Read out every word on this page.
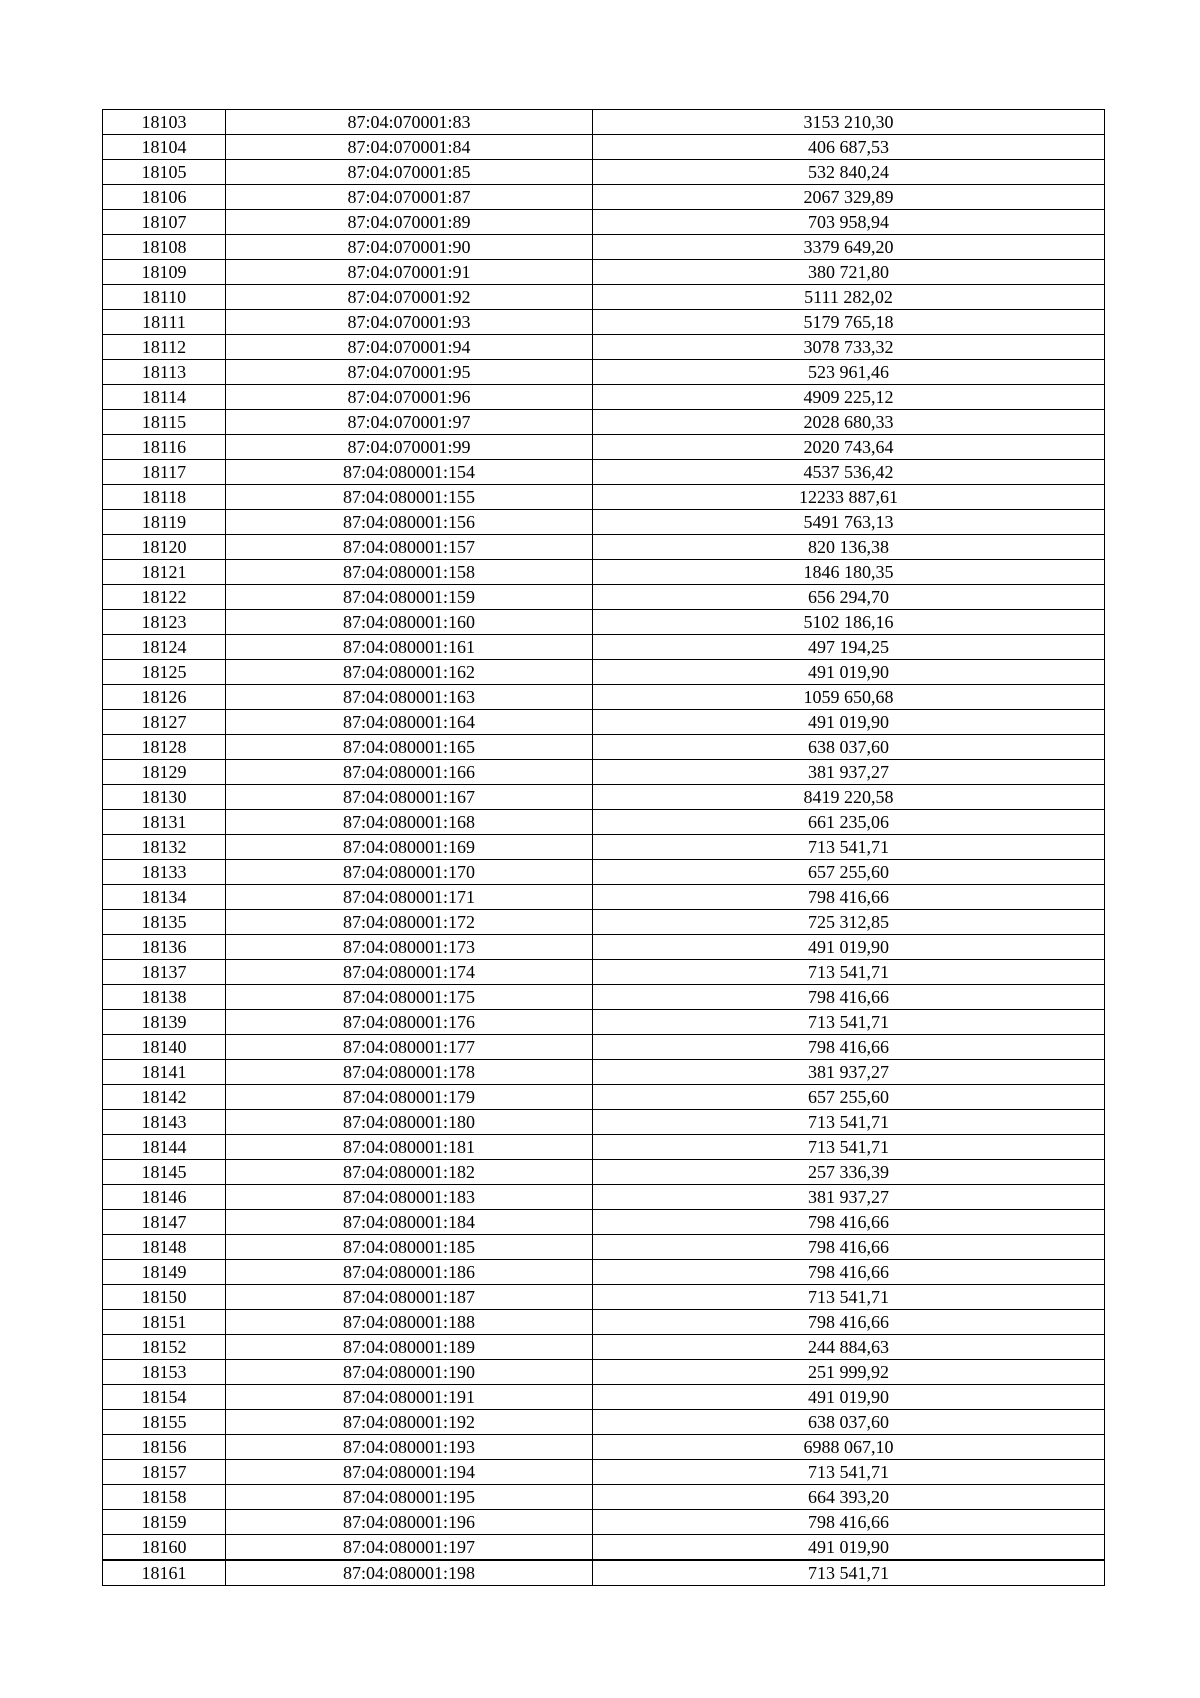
18103	87:04:070001:83	3153 210,30
18104	87:04:070001:84	406 687,53
18105	87:04:070001:85	532 840,24
18106	87:04:070001:87	2067 329,89
18107	87:04:070001:89	703 958,94
18108	87:04:070001:90	3379 649,20
18109	87:04:070001:91	380 721,80
18110	87:04:070001:92	5111 282,02
18111	87:04:070001:93	5179 765,18
18112	87:04:070001:94	3078 733,32
18113	87:04:070001:95	523 961,46
18114	87:04:070001:96	4909 225,12
18115	87:04:070001:97	2028 680,33
18116	87:04:070001:99	2020 743,64
18117	87:04:080001:154	4537 536,42
18118	87:04:080001:155	12233 887,61
18119	87:04:080001:156	5491 763,13
18120	87:04:080001:157	820 136,38
18121	87:04:080001:158	1846 180,35
18122	87:04:080001:159	656 294,70
18123	87:04:080001:160	5102 186,16
18124	87:04:080001:161	497 194,25
18125	87:04:080001:162	491 019,90
18126	87:04:080001:163	1059 650,68
18127	87:04:080001:164	491 019,90
18128	87:04:080001:165	638 037,60
18129	87:04:080001:166	381 937,27
18130	87:04:080001:167	8419 220,58
18131	87:04:080001:168	661 235,06
18132	87:04:080001:169	713 541,71
18133	87:04:080001:170	657 255,60
18134	87:04:080001:171	798 416,66
18135	87:04:080001:172	725 312,85
18136	87:04:080001:173	491 019,90
18137	87:04:080001:174	713 541,71
18138	87:04:080001:175	798 416,66
18139	87:04:080001:176	713 541,71
18140	87:04:080001:177	798 416,66
18141	87:04:080001:178	381 937,27
18142	87:04:080001:179	657 255,60
18143	87:04:080001:180	713 541,71
18144	87:04:080001:181	713 541,71
18145	87:04:080001:182	257 336,39
18146	87:04:080001:183	381 937,27
18147	87:04:080001:184	798 416,66
18148	87:04:080001:185	798 416,66
18149	87:04:080001:186	798 416,66
18150	87:04:080001:187	713 541,71
18151	87:04:080001:188	798 416,66
18152	87:04:080001:189	244 884,63
18153	87:04:080001:190	251 999,92
18154	87:04:080001:191	491 019,90
18155	87:04:080001:192	638 037,60
18156	87:04:080001:193	6988 067,10
18157	87:04:080001:194	713 541,71
18158	87:04:080001:195	664 393,20
18159	87:04:080001:196	798 416,66
18160	87:04:080001:197	491 019,90
18161	87:04:080001:198	713 541,71
